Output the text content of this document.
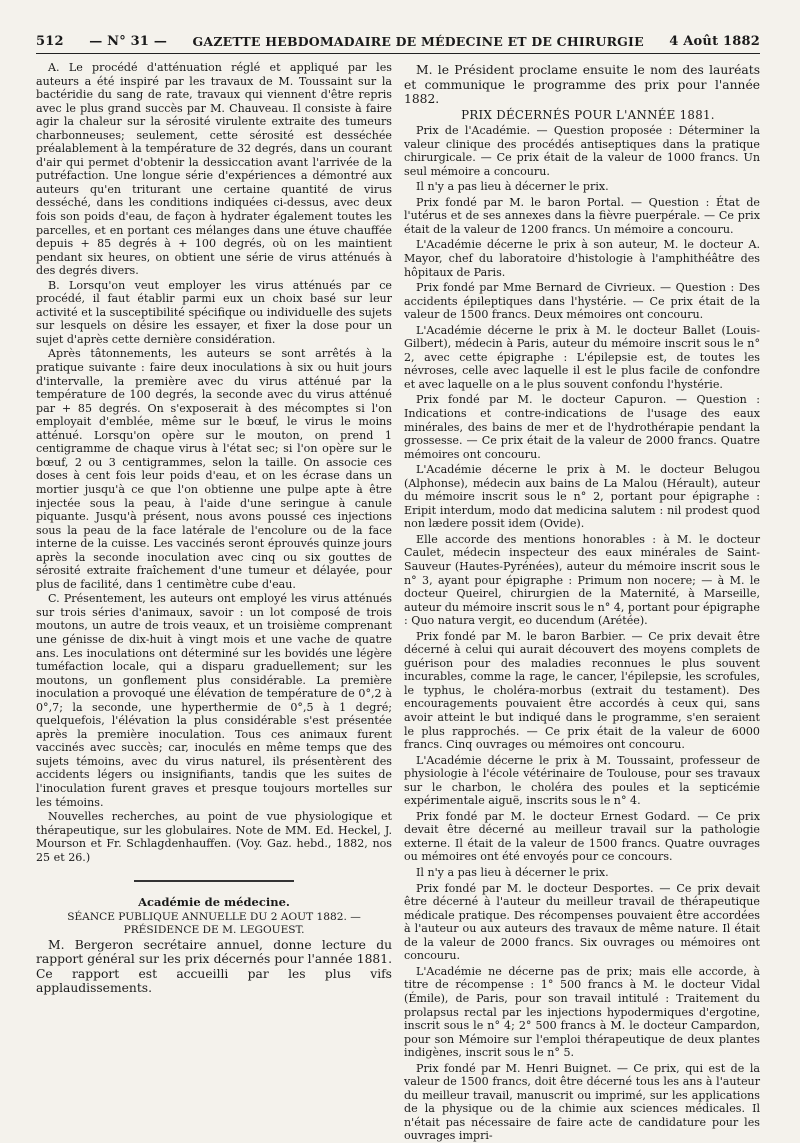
512 — N° 31 — GAZETTE HEBDOMADAIRE DE MÉDECINE ET DE CHIRURGIE 4 Août 1882

A. Le procédé d'atténuation réglé et appliqué par les auteurs a été inspiré par les travaux de M. Toussaint sur la bactéridie du sang de rate, travaux qui viennent d'être repris avec le plus grand succès par M. Chauveau. Il consiste à faire agir la chaleur sur la sérosité virulente extraite des tumeurs charbonneuses; seulement, cette sérosité est desséchée préalablement à la température de 32 degrés, dans un courant d'air qui permet d'obtenir la dessiccation avant l'arrivée de la putréfaction. Une longue série d'expériences a démontré aux auteurs qu'en triturant une certaine quantité de virus desséché, dans les conditions indiquées ci-dessus, avec deux fois son poids d'eau, de façon à hydrater également toutes les parcelles, et en portant ces mélanges dans une étuve chauffée depuis + 85 degrés à + 100 degrés, où on les maintient pendant six heures, on obtient une série de virus atténués à des degrés divers.

B. Lorsqu'on veut employer les virus atténués par ce procédé, il faut établir parmi eux un choix basé sur leur activité et la susceptibilité spécifique ou individuelle des sujets sur lesquels on désire les essayer, et fixer la dose pour un sujet d'après cette dernière considération.

Après tâtonnements, les auteurs se sont arrêtés à la pratique suivante : faire deux inoculations à six ou huit jours d'intervalle, la première avec du virus atténué par la température de 100 degrés, la seconde avec du virus atténué par + 85 degrés. On s'exposerait à des mécomptes si l'on employait d'emblée, même sur le bœuf, le virus le moins atténué. Lorsqu'on opère sur le mouton, on prend 1 centigramme de chaque virus à l'état sec; si l'on opère sur le bœuf, 2 ou 3 centigrammes, selon la taille. On associe ces doses à cent fois leur poids d'eau, et on les écrase dans un mortier jusqu'à ce que l'on obtienne une pulpe apte à être injectée sous la peau, à l'aide d'une seringue à canule piquante. Jusqu'à présent, nous avons poussé ces injections sous la peau de la face latérale de l'encolure ou de la face interne de la cuisse. Les vaccinés seront éprouvés quinze jours après la seconde inoculation avec cinq ou six gouttes de sérosité extraite fraîchement d'une tumeur et délayée, pour plus de facilité, dans 1 centimètre cube d'eau.

C. Présentement, les auteurs ont employé les virus atténués sur trois séries d'animaux, savoir : un lot composé de trois moutons, un autre de trois veaux, et un troisième comprenant une génisse de dix-huit à vingt mois et une vache de quatre ans. Les inoculations ont déterminé sur les bovidés une légère tuméfaction locale, qui a disparu graduellement; sur les moutons, un gonflement plus considérable. La première inoculation a provoqué une élévation de température de 0°,2 à 0°,7; la seconde, une hyperthermie de 0°,5 à 1 degré; quelquefois, l'élévation la plus considérable s'est présentée après la première inoculation. Tous ces animaux furent vaccinés avec succès; car, inoculés en même temps que des sujets témoins, avec du virus naturel, ils présentèrent des accidents légers ou insignifiants, tandis que les suites de l'inoculation furent graves et presque toujours mortelles sur les témoins.

Nouvelles recherches, au point de vue physiologique et thérapeutique, sur les globulaires. Note de MM. Ed. Heckel, J. Mourson et Fr. Schlagdenhauffen. (Voy. Gaz. hebd., 1882, nos 25 et 26.)

Académie de médecine.

SÉANCE PUBLIQUE ANNUELLE DU 2 AOUT 1882. — PRÉSIDENCE DE M. LEGOUEST.

M. Bergeron secrétaire annuel, donne lecture du rapport général sur les prix décernés pour l'année 1881. Ce rapport est accueilli par les plus vifs applaudissements.

M. le Président proclame ensuite le nom des lauréats et communique le programme des prix pour l'année 1882.

PRIX DÉCERNÉS POUR L'ANNÉE 1881.

Prix de l'Académie. — Question proposée : Déterminer la valeur clinique des procédés antiseptiques dans la pratique chirurgicale. — Ce prix était de la valeur de 1000 francs. Un seul mémoire a concouru.

Il n'y a pas lieu à décerner le prix.

Prix fondé par M. le baron Portal. — Question : État de l'utérus et de ses annexes dans la fièvre puerpérale. — Ce prix était de la valeur de 1200 francs. Un mémoire a concouru.

L'Académie décerne le prix à son auteur, M. le docteur A. Mayor, chef du laboratoire d'histologie à l'amphithéâtre des hôpitaux de Paris.

Prix fondé par Mme Bernard de Civrieux. — Question : Des accidents épileptiques dans l'hystérie. — Ce prix était de la valeur de 1500 francs. Deux mémoires ont concouru.

L'Académie décerne le prix à M. le docteur Ballet (Louis-Gilbert), médecin à Paris, auteur du mémoire inscrit sous le n° 2, avec cette épigraphe : L'épilepsie est, de toutes les névroses, celle avec laquelle il est le plus facile de confondre et avec laquelle on a le plus souvent confondu l'hystérie.

Prix fondé par M. le docteur Capuron. — Question : Indications et contre-indications de l'usage des eaux minérales, des bains de mer et de l'hydrothérapie pendant la grossesse. — Ce prix était de la valeur de 2000 francs. Quatre mémoires ont concouru.

L'Académie décerne le prix à M. le docteur Belugou (Alphonse), médecin aux bains de La Malou (Hérault), auteur du mémoire inscrit sous le n° 2, portant pour épigraphe : Eripit interdum, modo dat medicina salutem : nil prodest quod non lædere possit idem (Ovide).

Elle accorde des mentions honorables : à M. le docteur Caulet, médecin inspecteur des eaux minérales de Saint-Sauveur (Hautes-Pyrénées), auteur du mémoire inscrit sous le n° 3, ayant pour épigraphe : Primum non nocere; — à M. le docteur Queirel, chirurgien de la Maternité, à Marseille, auteur du mémoire inscrit sous le n° 4, portant pour épigraphe : Quo natura vergit, eo ducendum (Arétée).

Prix fondé par M. le baron Barbier. — Ce prix devait être décerné à celui qui aurait découvert des moyens complets de guérison pour des maladies reconnues le plus souvent incurables, comme la rage, le cancer, l'épilepsie, les scrofules, le typhus, le choléra-morbus (extrait du testament). Des encouragements pouvaient être accordés à ceux qui, sans avoir atteint le but indiqué dans le programme, s'en seraient le plus rapprochés. — Ce prix était de la valeur de 6000 francs. Cinq ouvrages ou mémoires ont concouru.

L'Académie décerne le prix à M. Toussaint, professeur de physiologie à l'école vétérinaire de Toulouse, pour ses travaux sur le charbon, le choléra des poules et la septicémie expérimentale aiguë, inscrits sous le n° 4.

Prix fondé par M. le docteur Ernest Godard. — Ce prix devait être décerné au meilleur travail sur la pathologie externe. Il était de la valeur de 1500 francs. Quatre ouvrages ou mémoires ont été envoyés pour ce concours.

Il n'y a pas lieu à décerner le prix.

Prix fondé par M. le docteur Desportes. — Ce prix devait être décerné à l'auteur du meilleur travail de thérapeutique médicale pratique. Des récompenses pouvaient être accordées à l'auteur ou aux auteurs des travaux de même nature. Il était de la valeur de 2000 francs. Six ouvrages ou mémoires ont concouru.

L'Académie ne décerne pas de prix; mais elle accorde, à titre de récompense : 1° 500 francs à M. le docteur Vidal (Émile), de Paris, pour son travail intitulé : Traitement du prolapsus rectal par les injections hypodermiques d'ergotine, inscrit sous le n° 4; 2° 500 francs à M. le docteur Campardon, pour son Mémoire sur l'emploi thérapeutique de deux plantes indigènes, inscrit sous le n° 5.

Prix fondé par M. Henri Buignet. — Ce prix, qui est de la valeur de 1500 francs, doit être décerné tous les ans à l'auteur du meilleur travail, manuscrit ou imprimé, sur les applications de la physique ou de la chimie aux sciences médicales. Il n'était pas nécessaire de faire acte de candidature pour les ouvrages impri-
